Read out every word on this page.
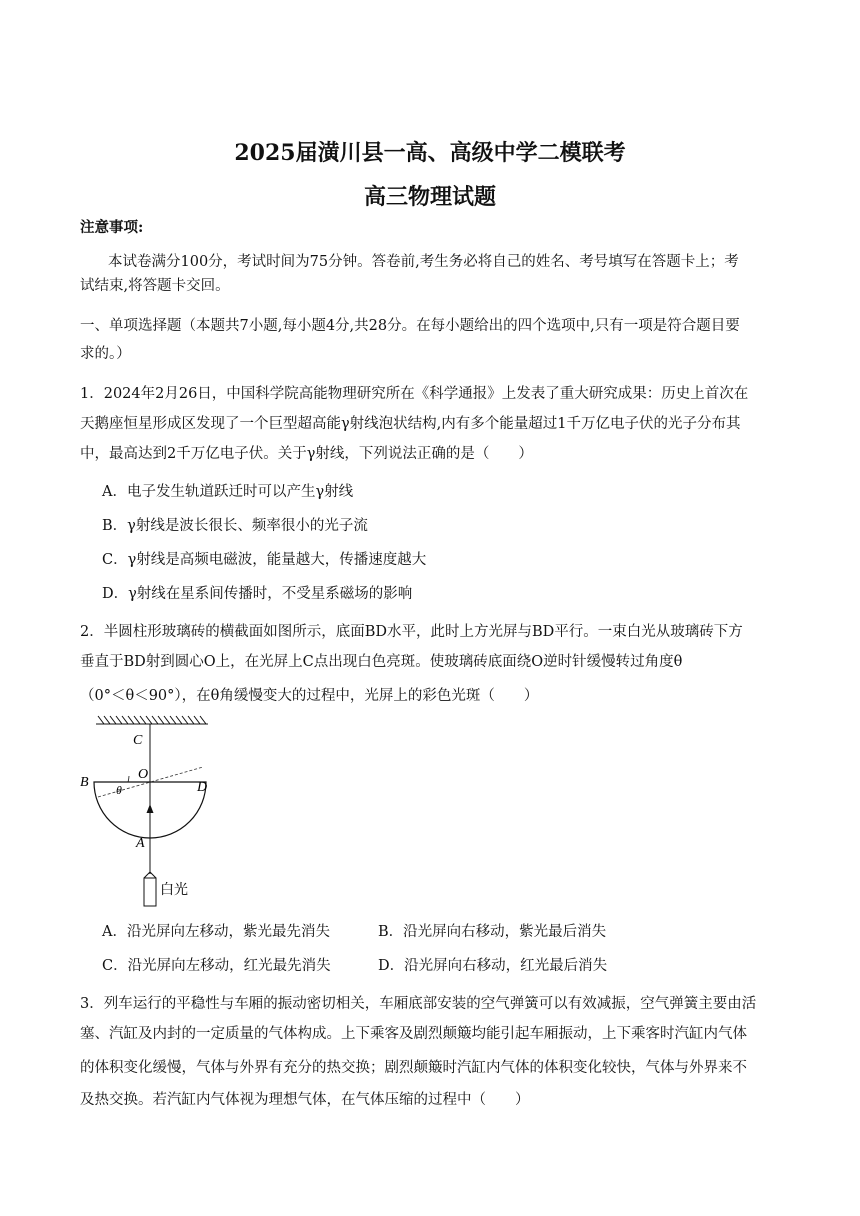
2025届潢川县一高、高级中学二模联考
高三物理试题
注意事项:
本试卷满分100分，考试时间为75分钟。答卷前,考生务必将自己的姓名、考号填写在答题卡上；考
试结束,将答题卡交回。
一、单项选择题（本题共7小题,每小题4分,共28分。在每小题给出的四个选项中,只有一项是符合题目要
求的。）
1．2024年2月26日，中国科学院高能物理研究所在《科学通报》上发表了重大研究成果：历史上首次在
天鹅座恒星形成区发现了一个巨型超高能γ射线泡状结构,内有多个能量超过1千万亿电子伏的光子分布其
中，最高达到2千万亿电子伏。关于γ射线，下列说法正确的是（　　）
A．电子发生轨道跃迁时可以产生γ射线
B．γ射线是波长很长、频率很小的光子流
C．γ射线是高频电磁波，能量越大，传播速度越大
D．γ射线在星系间传播时，不受星系磁场的影响
2．半圆柱形玻璃砖的横截面如图所示，底面BD水平，此时上方光屏与BD平行。一束白光从玻璃砖下方
垂直于BD射到圆心O上，在光屏上C点出现白色亮斑。使玻璃砖底面绕O逆时针缓慢转过角度θ
（0°＜θ＜90°），在θ角缓慢变大的过程中，光屏上的彩色光斑（　　）
C
O
B	D
θ
A
白光
A．沿光屏向左移动，紫光最先消失	B．沿光屏向右移动，紫光最后消失
C．沿光屏向左移动，红光最先消失	D．沿光屏向右移动，红光最后消失
3．列车运行的平稳性与车厢的振动密切相关，车厢底部安装的空气弹簧可以有效减振，空气弹簧主要由活
塞、汽缸及内封的一定质量的气体构成。上下乘客及剧烈颠簸均能引起车厢振动，上下乘客时汽缸内气体
的体积变化缓慢，气体与外界有充分的热交换；剧烈颠簸时汽缸内气体的体积变化较快，气体与外界来不
及热交换。若汽缸内气体视为理想气体，在气体压缩的过程中（　　）
